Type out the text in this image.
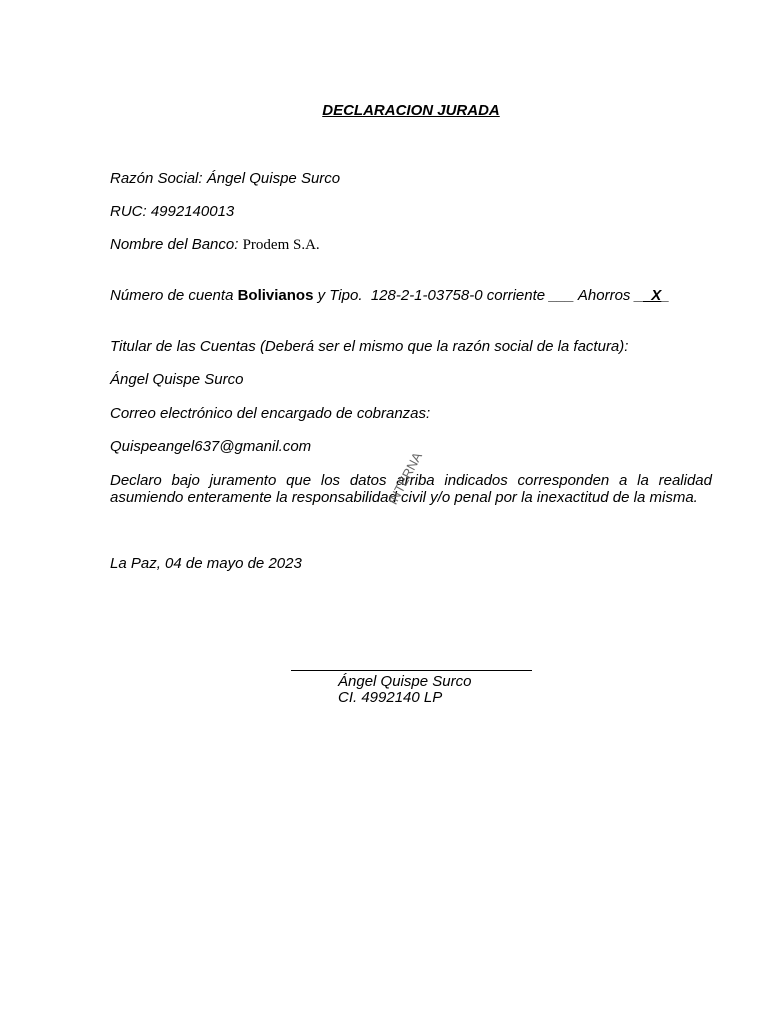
DECLARACION JURADA
Razón Social: Ángel Quispe Surco
RUC: 4992140013
Nombre del Banco: Prodem S.A.
Número de cuenta Bolivianos y Tipo.  128-2-1-03758-0 corriente ___ Ahorros __X_
Titular de las Cuentas (Deberá ser el mismo que la razón social de la factura):
Ángel Quispe Surco
Correo electrónico del encargado de cobranzas:
Quispeangel637@gmanil.com
Declaro bajo juramento que los datos arriba indicados corresponden a la realidad asumiendo enteramente la responsabilidad civil y/o penal por la inexactitud de la misma.
INTERNA
La Paz, 04 de mayo de 2023
Ángel Quispe Surco
CI. 4992140 LP
